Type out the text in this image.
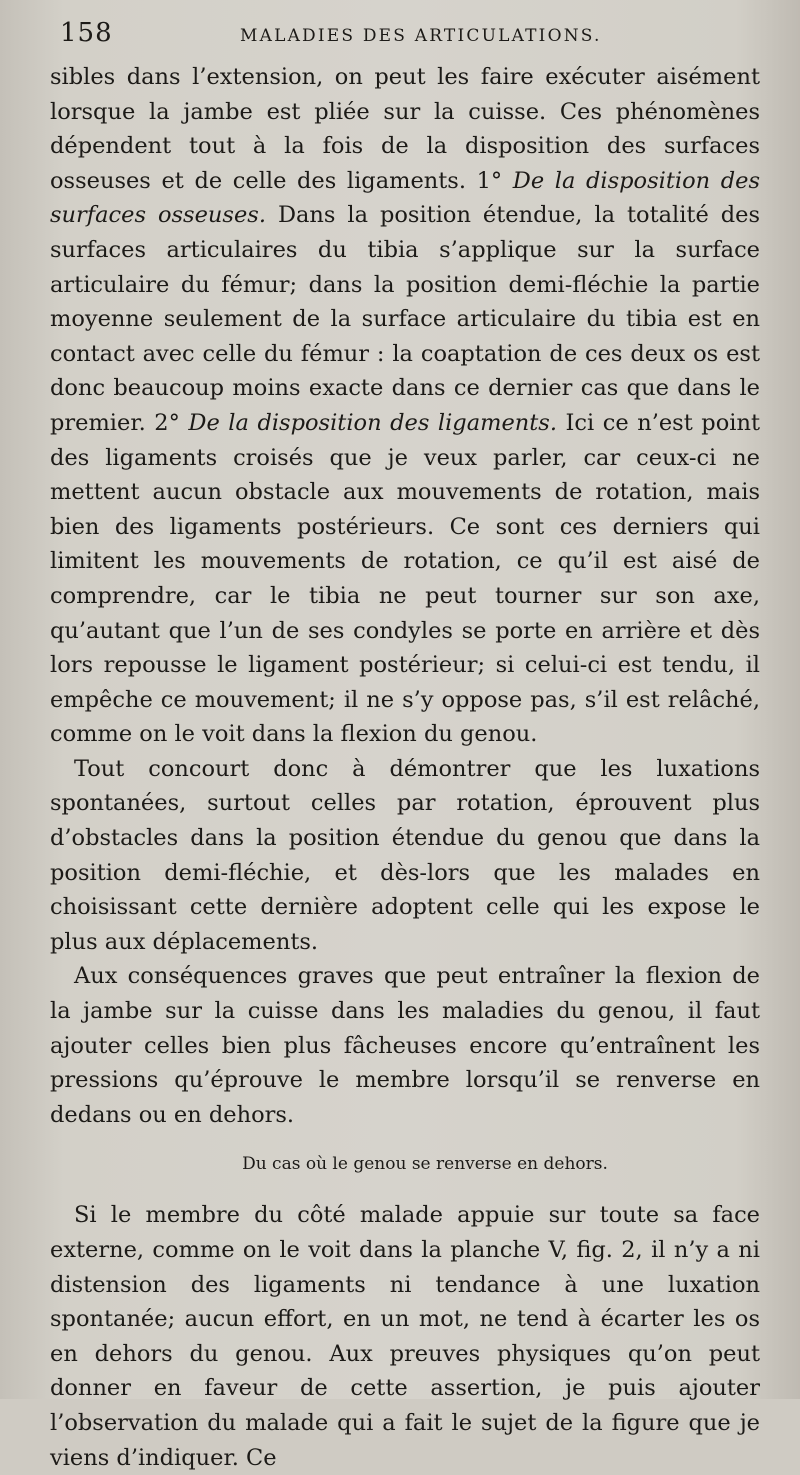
158	MALADIES DES ARTICULATIONS.

sibles dans l’extension, on peut les faire exécuter aisément lorsque la jambe est pliée sur la cuisse. Ces phénomènes dépendent tout à la fois de la disposition des surfaces osseuses et de celle des ligaments. 1° De la disposition des surfaces osseuses. Dans la position étendue, la totalité des surfaces articulaires du tibia s’applique sur la surface articulaire du fémur; dans la position demi-fléchie la partie moyenne seulement de la surface articulaire du tibia est en contact avec celle du fémur : la coaptation de ces deux os est donc beaucoup moins exacte dans ce dernier cas que dans le premier. 2° De la disposition des ligaments. Ici ce n’est point des ligaments croisés que je veux parler, car ceux-ci ne mettent aucun obstacle aux mouvements de rotation, mais bien des ligaments postérieurs. Ce sont ces derniers qui limitent les mouvements de rotation, ce qu’il est aisé de comprendre, car le tibia ne peut tourner sur son axe, qu’autant que l’un de ses condyles se porte en arrière et dès lors repousse le ligament postérieur; si celui-ci est tendu, il empêche ce mouvement; il ne s’y oppose pas, s’il est relâché, comme on le voit dans la flexion du genou.

Tout concourt donc à démontrer que les luxations spontanées, surtout celles par rotation, éprouvent plus d’obstacles dans la position étendue du genou que dans la position demi-fléchie, et dès-lors que les malades en choisissant cette dernière adoptent celle qui les expose le plus aux déplacements.

Aux conséquences graves que peut entraîner la flexion de la jambe sur la cuisse dans les maladies du genou, il faut ajouter celles bien plus fâcheuses encore qu’entraînent les pressions qu’éprouve le membre lorsqu’il se renverse en dedans ou en dehors.

Du cas où le genou se renverse en dehors.

Si le membre du côté malade appuie sur toute sa face externe, comme on le voit dans la planche V, fig. 2, il n’y a ni distension des ligaments ni tendance à une luxation spontanée; aucun effort, en un mot, ne tend à écarter les os en dehors du genou. Aux preuves physiques qu’on peut donner en faveur de cette assertion, je puis ajouter l’observation du malade qui a fait le sujet de la figure que je viens d’indiquer. Ce
